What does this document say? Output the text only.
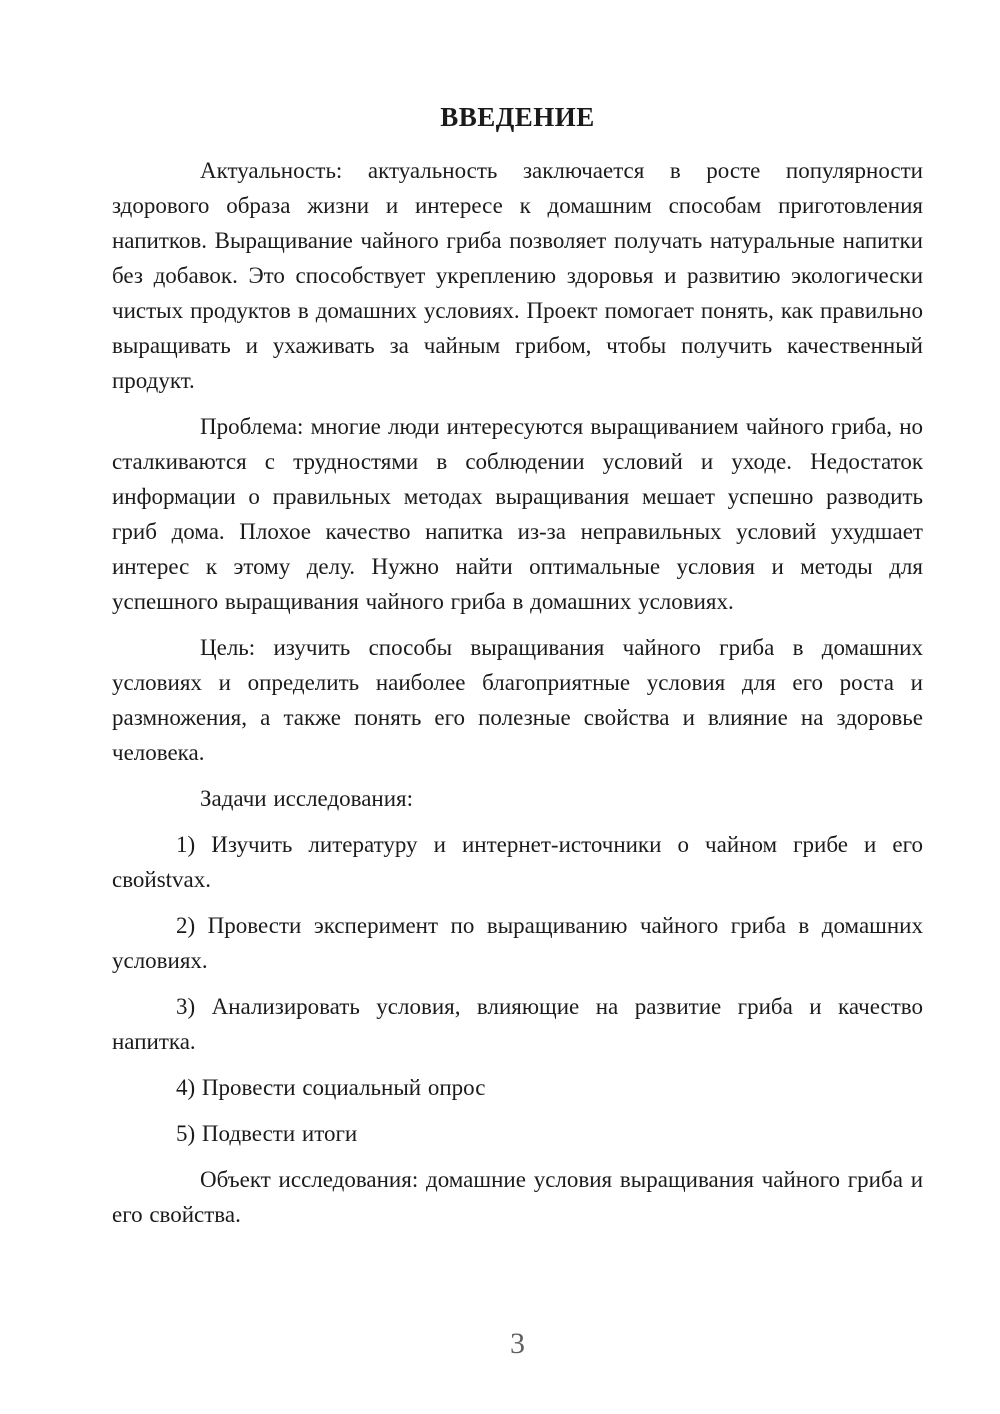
ВВЕДЕНИЕ

Актуальность: актуальность заключается в росте популярности здорового образа жизни и интересе к домашним способам приготовления напитков. Выращивание чайного гриба позволяет получать натуральные напитки без добавок. Это способствует укреплению здоровья и развитию экологически чистых продуктов в домашних условиях. Проект помогает понять, как правильно выращивать и ухаживать за чайным грибом, чтобы получить качественный продукт.

Проблема: многие люди интересуются выращиванием чайного гриба, но сталкиваются с трудностями в соблюдении условий и уходе. Недостаток информации о правильных методах выращивания мешает успешно разводить гриб дома. Плохое качество напитка из-за неправильных условий ухудшает интерес к этому делу. Нужно найти оптимальные условия и методы для успешного выращивания чайного гриба в домашних условиях.

Цель: изучить способы выращивания чайного гриба в домашних условиях и определить наиболее благоприятные условия для его роста и размножения, а также понять его полезные свойства и влияние на здоровье человека.

Задачи исследования:

1) Изучить литературу и интернет-источники о чайном грибе и его свойstvax.

2) Провести эксперимент по выращиванию чайного гриба в домашних условиях.

3) Анализировать условия, влияющие на развитие гриба и качество напитка.

4) Провести социальный опрос

5) Подвести итоги

Объект исследования: домашние условия выращивания чайного гриба и его свойства.

3
